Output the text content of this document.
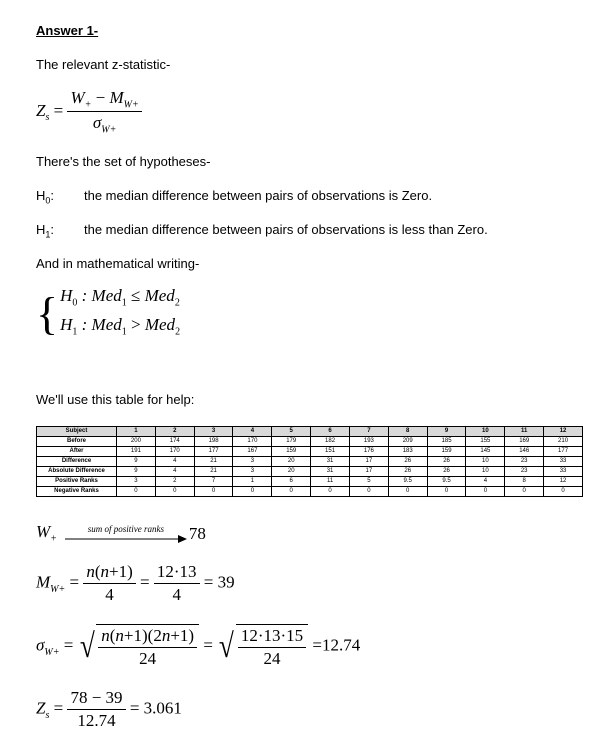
Answer 1-
The relevant z-statistic-
$Z_s = \frac{W_+ - M_{W+}}{\sigma_{W+}}$
There's the set of hypotheses-
$H_0$: the median difference between pairs of observations is Zero.
$H_1$: the median difference between pairs of observations is less than Zero.
And in mathematical writing-
{ $H_0$ : Med$_1$ ≤ Med$_2$
$H_1$ : Med$_1$ > Med$_2$
We'll use this table for help:
Subject	1	2	3	4	5	6	7	8	9	10	11	12
Before	200	174	198	170	179	182	193	209	185	155	169	210
After	191	170	177	167	159	151	176	183	159	145	146	177
Difference	9	4	21	3	20	31	17	26	26	10	23	33
Absolute Difference	9	4	21	3	20	31	17	26	26	10	23	33
Positive Ranks	3	2	7	1	6	11	5	9.5	9.5	4	8	12
Negative Ranks	0	0	0	0	0	0	0	0	0	0	0	0
$W_+$
sum of positive ranks 78
$M_{W+} = \frac{n(n+1)}{4} = \frac{12\cdot 13}{4} = 39$
$\sigma_{W+}$ = √ $\frac{n(n+1)(2n+1)}{24}$ = √ $\frac{12\cdot 13\cdot 15}{24} =12.74$
$Z_s = \frac{78 - 39}{12.74} = 3.061$
